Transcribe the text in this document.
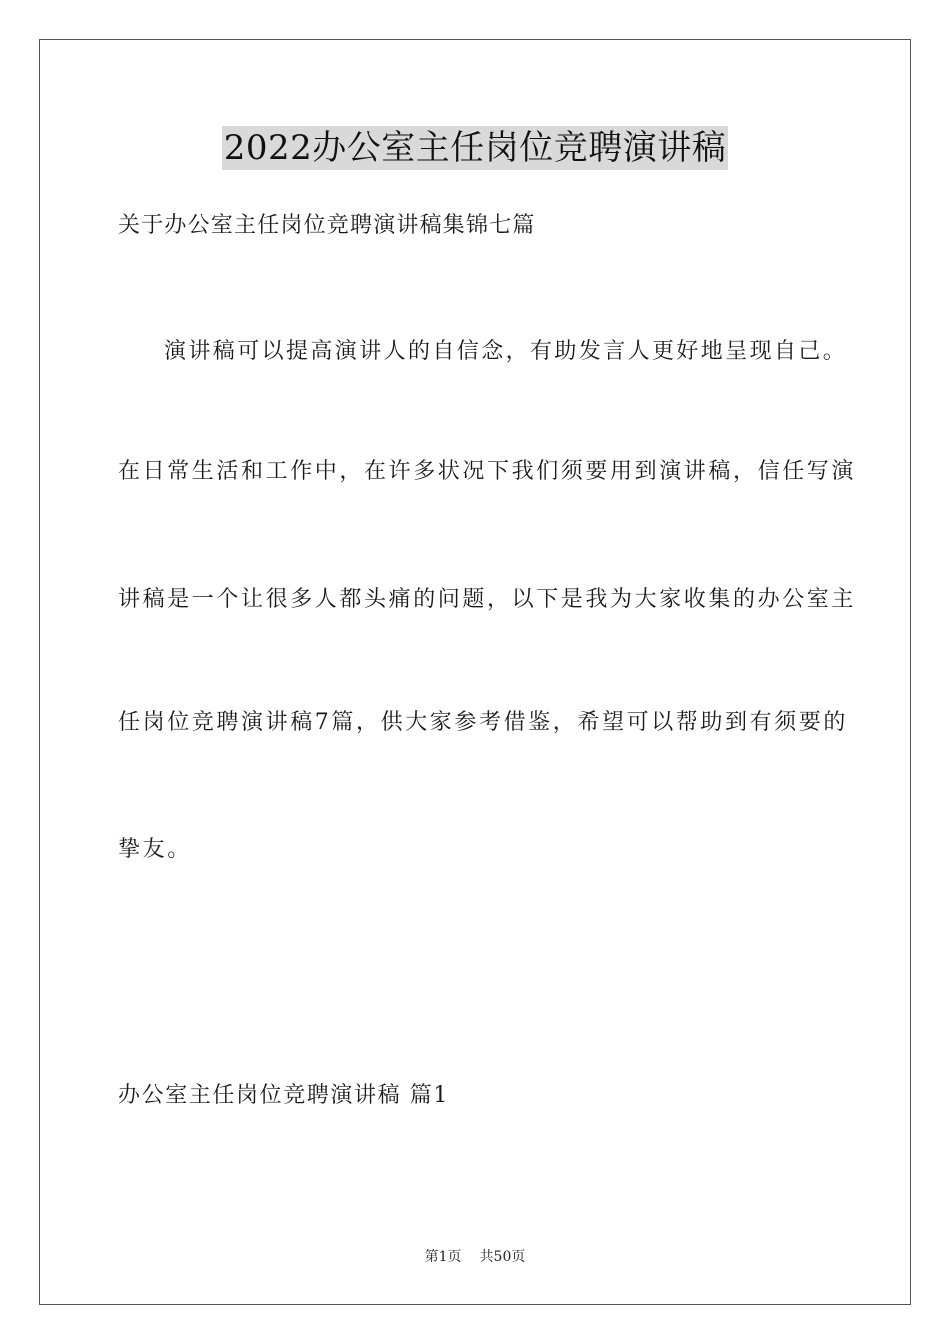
2022办公室主任岗位竞聘演讲稿
关于办公室主任岗位竞聘演讲稿集锦七篇
演讲稿可以提高演讲人的自信念，有助发言人更好地呈现自己。
在日常生活和工作中，在许多状况下我们须要用到演讲稿，信任写演
讲稿是一个让很多人都头痛的问题，以下是我为大家收集的办公室主
任岗位竞聘演讲稿7篇，供大家参考借鉴，希望可以帮助到有须要的
挚友。
办公室主任岗位竞聘演讲稿 篇1
第1页 共50页
